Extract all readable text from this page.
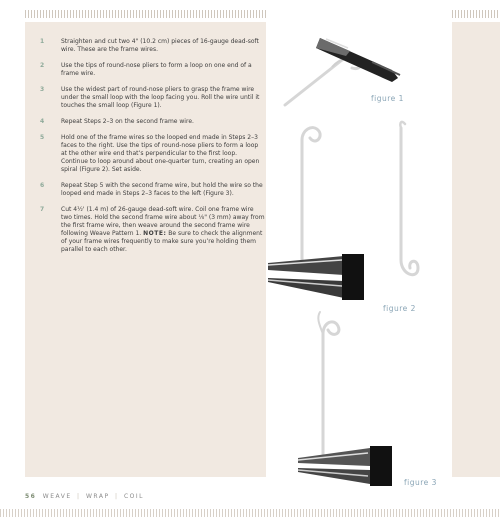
1	Straighten and cut two 4" (10.2 cm) pieces of 16-gauge dead-soft wire. These are the frame wires.
2	Use the tips of round-nose pliers to form a loop on one end of a frame wire.
3	Use the widest part of round-nose pliers to grasp the frame wire under the small loop with the loop facing you. Roll the wire until it touches the small loop (Figure 1).
4	Repeat Steps 2–3 on the second frame wire.
5	Hold one of the frame wires so the looped end made in Steps 2–3 faces to the right. Use the tips of round-nose pliers to form a loop at the other wire end that’s perpendicular to the first loop. Continue to loop around about one-quarter turn, creating an open spiral (Figure 2). Set aside.
6	Repeat Step 5 with the second frame wire, but hold the wire so the looped end made in Steps 2–3 faces to the left (Figure 3).
7	Cut 4½' (1.4 m) of 26-gauge dead-soft wire. Coil one frame wire two times. Hold the second frame wire about ⅛" (3 mm) away from the first frame wire, then weave around the second frame wire following Weave Pattern 1. NOTE: Be sure to check the alignment of your frame wires frequently to make sure you’re holding them parallel to each other.
figure 1
figure 2
figure 3
56 WEAVE | WRAP | COIL	(c) Eva-lution.ru
